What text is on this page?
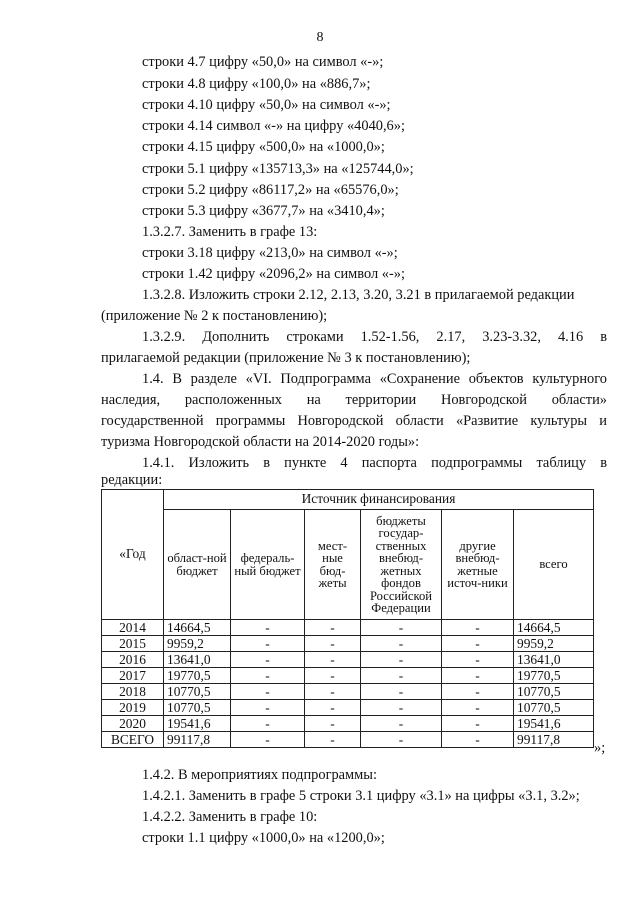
8
строки 4.7 цифру «50,0» на символ «-»;
строки 4.8 цифру «100,0» на «886,7»;
строки 4.10 цифру «50,0» на символ «-»;
строки 4.14 символ «-» на цифру «4040,6»;
строки 4.15 цифру «500,0» на «1000,0»;
строки 5.1 цифру «135713,3» на «125744,0»;
строки 5.2 цифру «86117,2» на «65576,0»;
строки 5.3 цифру «3677,7» на «3410,4»;
1.3.2.7. Заменить в графе 13:
строки 3.18 цифру «213,0» на символ «-»;
строки 1.42 цифру «2096,2» на символ «-»;
1.3.2.8. Изложить строки 2.12, 2.13, 3.20, 3.21 в прилагаемой редакции
(приложение № 2 к постановлению);
1.3.2.9. Дополнить строками 1.52-1.56, 2.17, 3.23-3.32, 4.16 в
прилагаемой редакции (приложение № 3 к постановлению);
1.4. В разделе «VI. Подпрограмма «Сохранение объектов культурного
наследия, расположенных на территории Новгородской области»
государственной программы Новгородской области «Развитие культуры и
туризма Новгородской области на 2014-2020 годы»:
1.4.1. Изложить в пункте 4 паспорта подпрограммы таблицу в
редакции:
«Год	Источник финансирования					
	област-ной бюджет	федераль-ный бюджет	мест-ные бюд-жеты	бюджеты государ-ственных внебюд-жетных фондов Российской Федерации	другие внебюд-жетные источ-ники	всего
2014	14664,5	-	-	-	-	14664,5
2015	9959,2	-	-	-	-	9959,2
2016	13641,0	-	-	-	-	13641,0
2017	19770,5	-	-	-	-	19770,5
2018	10770,5	-	-	-	-	10770,5
2019	10770,5	-	-	-	-	10770,5
2020	19541,6	-	-	-	-	19541,6
ВСЕГО	99117,8	-	-	-	-	99117,8
»;
1.4.2. В мероприятиях подпрограммы:
1.4.2.1. Заменить в графе 5 строки 3.1 цифру «3.1» на цифры «3.1, 3.2»;
1.4.2.2. Заменить в графе 10:
строки 1.1 цифру «1000,0» на «1200,0»;
